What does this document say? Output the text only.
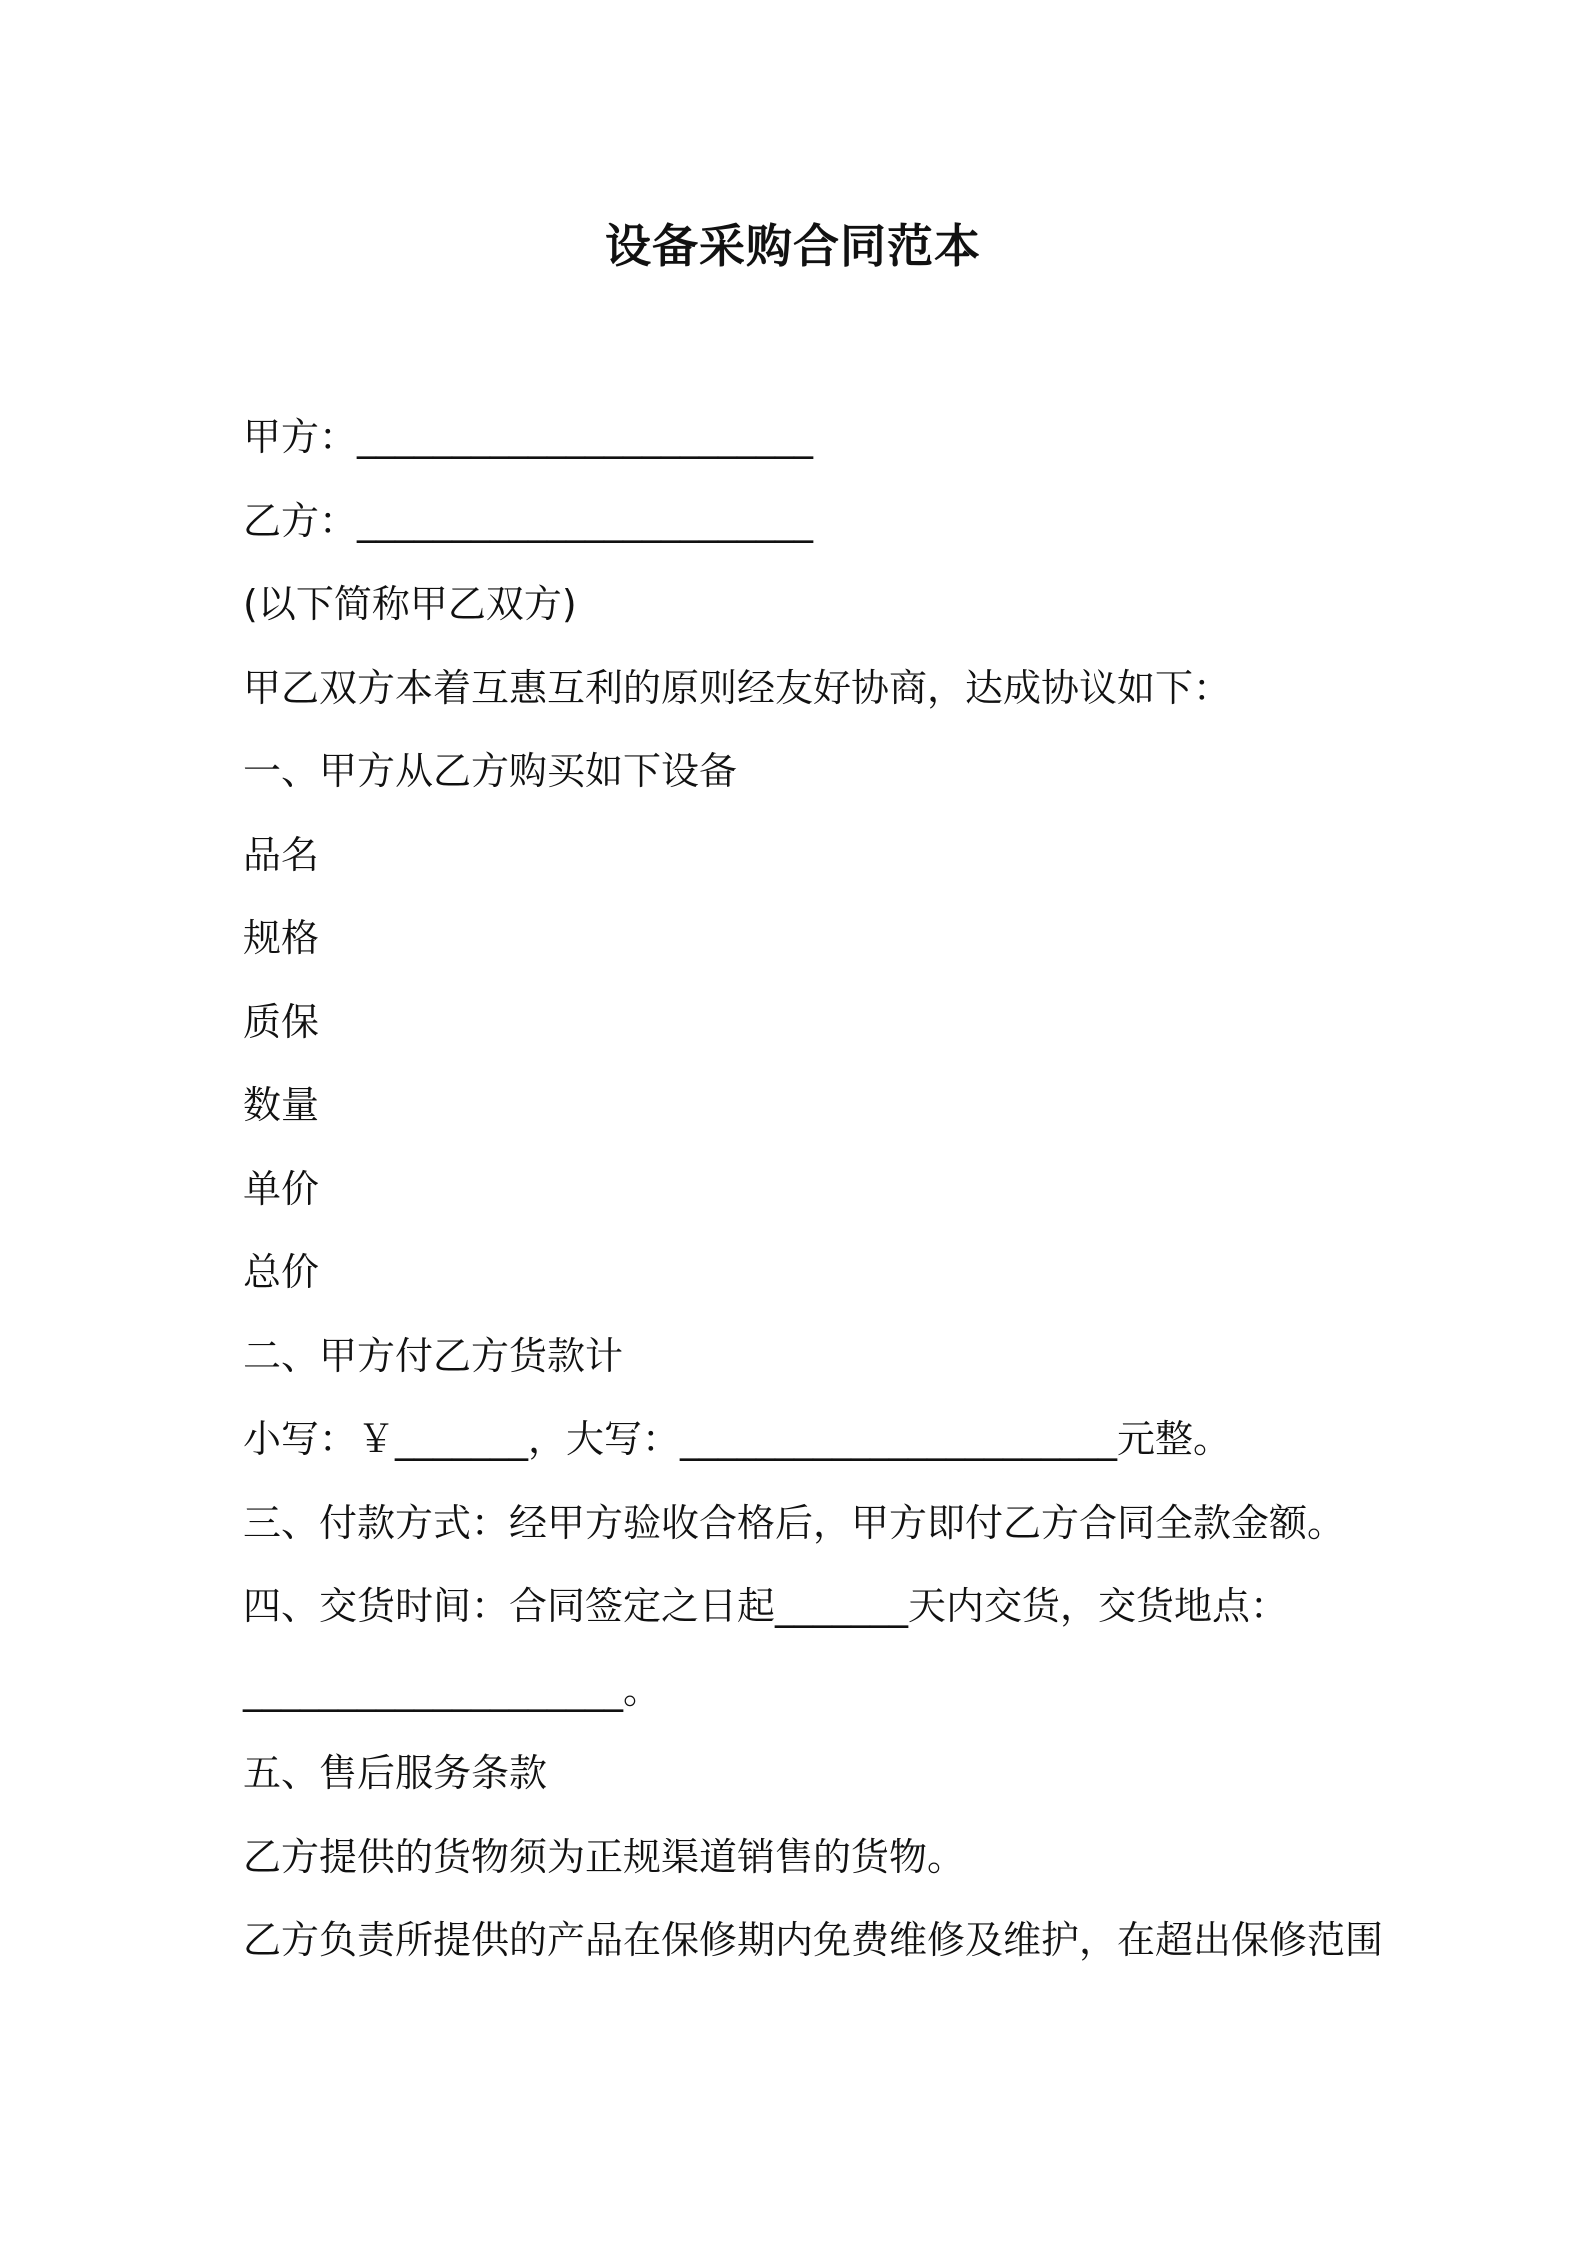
设备采购合同范本

甲方：________________________

乙方：________________________

(以下简称甲乙双方)

甲乙双方本着互惠互利的原则经友好协商，达成协议如下：

一、甲方从乙方购买如下设备

品名

规格

质保

数量

单价

总价

二、甲方付乙方货款计

小写：￥_______，大写：_______________________元整。

三、付款方式：经甲方验收合格后，甲方即付乙方合同全款金额。

四、交货时间：合同签定之日起_______天内交货，交货地点：

____________________。

五、售后服务条款

乙方提供的货物须为正规渠道销售的货物。

乙方负责所提供的产品在保修期内免费维修及维护，在超出保修范围
